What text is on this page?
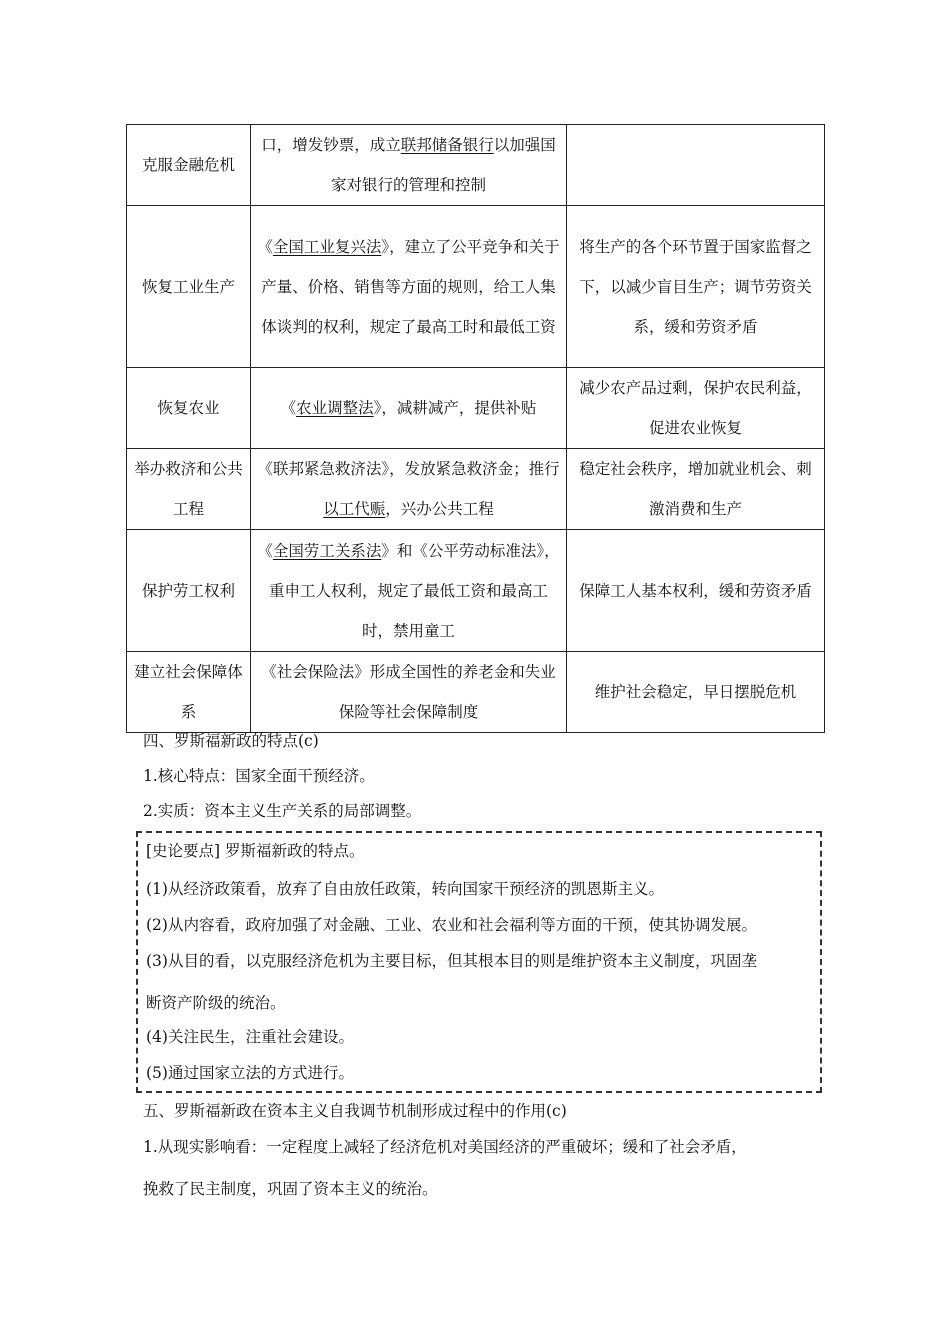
克服金融危机	口，增发钞票，成立联邦储备银行以加强国家对银行的管理和控制	
恢复工业生产	《全国工业复兴法》，建立了公平竞争和关于产量、价格、销售等方面的规则，给工人集体谈判的权利，规定了最高工时和最低工资	将生产的各个环节置于国家监督之下，以减少盲目生产；调节劳资关系，缓和劳资矛盾
恢复农业	《农业调整法》，减耕减产，提供补贴	减少农产品过剩，保护农民利益，促进农业恢复
举办救济和公共工程	《联邦紧急救济法》，发放紧急救济金；推行以工代赈，兴办公共工程	稳定社会秩序，增加就业机会、刺激消费和生产
保护劳工权利	《全国劳工关系法》和《公平劳动标准法》，重申工人权利，规定了最低工资和最高工时，禁用童工	保障工人基本权利，缓和劳资矛盾
建立社会保障体系	《社会保险法》形成全国性的养老金和失业保险等社会保障制度	维护社会稳定，早日摆脱危机
四、罗斯福新政的特点(c)
1.核心特点：国家全面干预经济。
2.实质：资本主义生产关系的局部调整。
[史论要点] 罗斯福新政的特点。
(1)从经济政策看，放弃了自由放任政策，转向国家干预经济的凯恩斯主义。
(2)从内容看，政府加强了对金融、工业、农业和社会福利等方面的干预，使其协调发展。
(3)从目的看，以克服经济危机为主要目标，但其根本目的则是维护资本主义制度，巩固垄
断资产阶级的统治。
(4)关注民生，注重社会建设。
(5)通过国家立法的方式进行。
五、罗斯福新政在资本主义自我调节机制形成过程中的作用(c)
1.从现实影响看：一定程度上减轻了经济危机对美国经济的严重破坏；缓和了社会矛盾，
挽救了民主制度，巩固了资本主义的统治。
